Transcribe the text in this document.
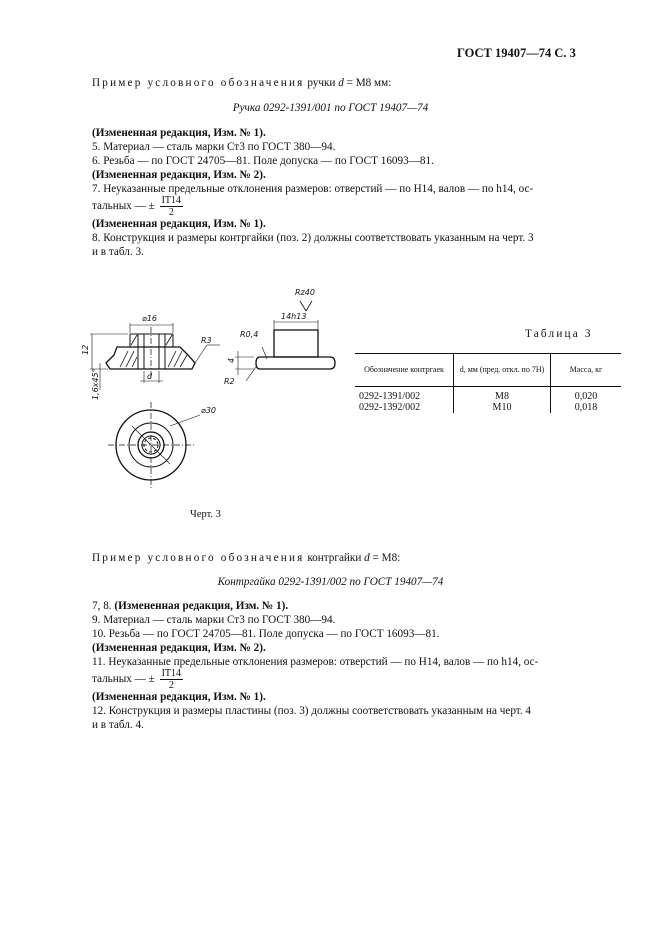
ГОСТ 19407—74 С. 3
Пример условного обозначения ручки d = M8 мм:
Ручка 0292-1391/001 по ГОСТ 19407—74
(Измененная редакция, Изм. № 1).
5. Материал — сталь марки Ст3 по ГОСТ 380—94.
6. Резьба — по ГОСТ 24705—81. Поле допуска — по ГОСТ 16093—81.
(Измененная редакция, Изм. № 2).
7. Неуказанные предельные отклонения размеров: отверстий — по H14, валов — по h14, ос-
тальных — ± $\frac{IT14}{2}$
(Измененная редакция, Изм. № 1).
8. Конструкция и размеры контргайки (поз. 2) должны соответствовать указанным на черт. 3
и в табл. 3.
⌀16
R3
12
1,6x45°	d
R0,4
14h13
4
R2
Rz40
⌀30
Таблица 3
Обозначение контргаек	d, мм (пред. откл. по 7H)	Масса, кг
0292-1391/002	M8	0,020
0292-1392/002	M10	0,018
Черт. 3
Пример условного обозначения контргайки d = M8:
Контргайка 0292-1391/002 по ГОСТ 19407—74
7, 8. (Измененная редакция, Изм. № 1).
9. Материал — сталь марки Ст3 по ГОСТ 380—94.
10. Резьба — по ГОСТ 24705—81. Поле допуска — по ГОСТ 16093—81.
(Измененная редакция, Изм. № 2).
11. Неуказанные предельные отклонения размеров: отверстий — по H14, валов — по h14, ос-
тальных — ± $\frac{IT14}{2}$
(Измененная редакция, Изм. № 1).
12. Конструкция и размеры пластины (поз. 3) должны соответствовать указанным на черт. 4
и в табл. 4.
